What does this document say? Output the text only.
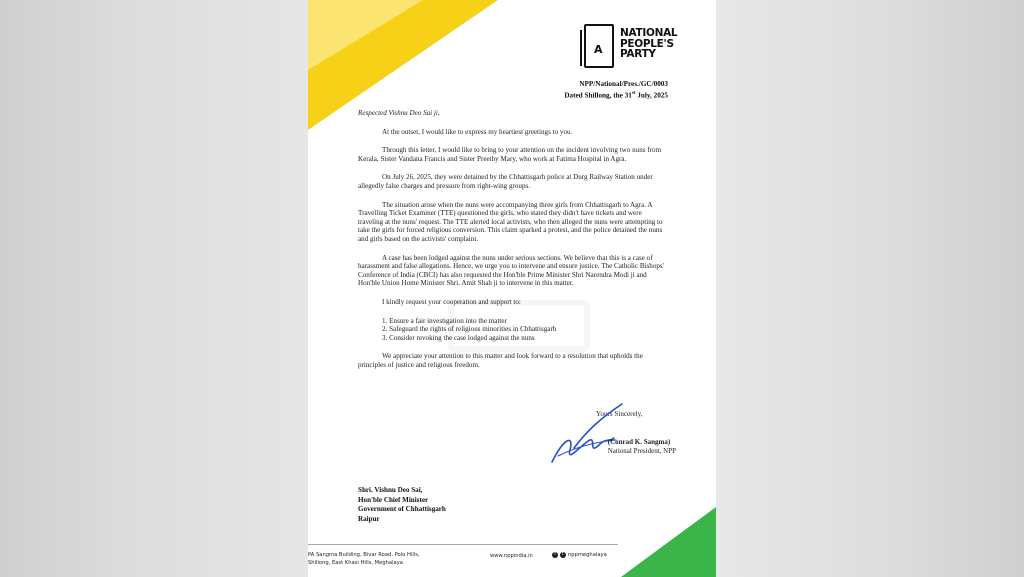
A
NATIONAL
PEOPLE'S
PARTY
NPP/National/Pres./GC/0003
Dated Shillong, the 31st July, 2025

Respected Vishnu Deo Sai ji,

At the outset, I would like to express my heartiest greetings to you.

Through this letter, I would like to bring to your attention on the incident involving two nuns from Kerala, Sister Vandana Francis and Sister Preethy Mary, who work at Fatima Hospital in Agra.

On July 26, 2025, they were detained by the Chhattisgarh police at Durg Railway Station under allegedly false charges and pressure from right-wing groups.

The situation arose when the nuns were accompanying three girls from Chhattisgarh to Agra. A Travelling Ticket Examiner (TTE) questioned the girls, who stated they didn't have tickets and were traveling at the nuns' request. The TTE alerted local activists, who then alleged the nuns were attempting to take the girls for forced religious conversion. This claim sparked a protest, and the police detained the nuns and girls based on the activists' complaint.

A case has been lodged against the nuns under serious sections. We believe that this is a case of harassment and false allegations. Hence, we urge you to intervene and ensure justice. The Catholic Bishops' Conference of India (CBCI) has also requested the Hon'ble Prime Minister Shri Narendra Modi ji and Hon'ble Union Home Minister Shri. Amit Shah ji to intervene in this matter.

I kindly request your cooperation and support to:

1. Ensure a fair investigation into the matter
2. Safeguard the rights of religious minorities in Chhattisgarh
3. Consider revoking the case lodged against the nuns

We appreciate your attention to this matter and look forward to a resolution that upholds the principles of justice and religious freedom.

Yours Sincerely,
(Conrad K. Sangma)
National President, NPP
Shri. Vishnu Deo Sai,
Hon'ble Chief Minister
Government of Chhattisgarh
Raipur
PA Sangma Building, Bivar Road, Polo Hills,
Shillong, East Khasi Hills, Meghalaya
www.nppindia.in	f	t nppmeghalaya
